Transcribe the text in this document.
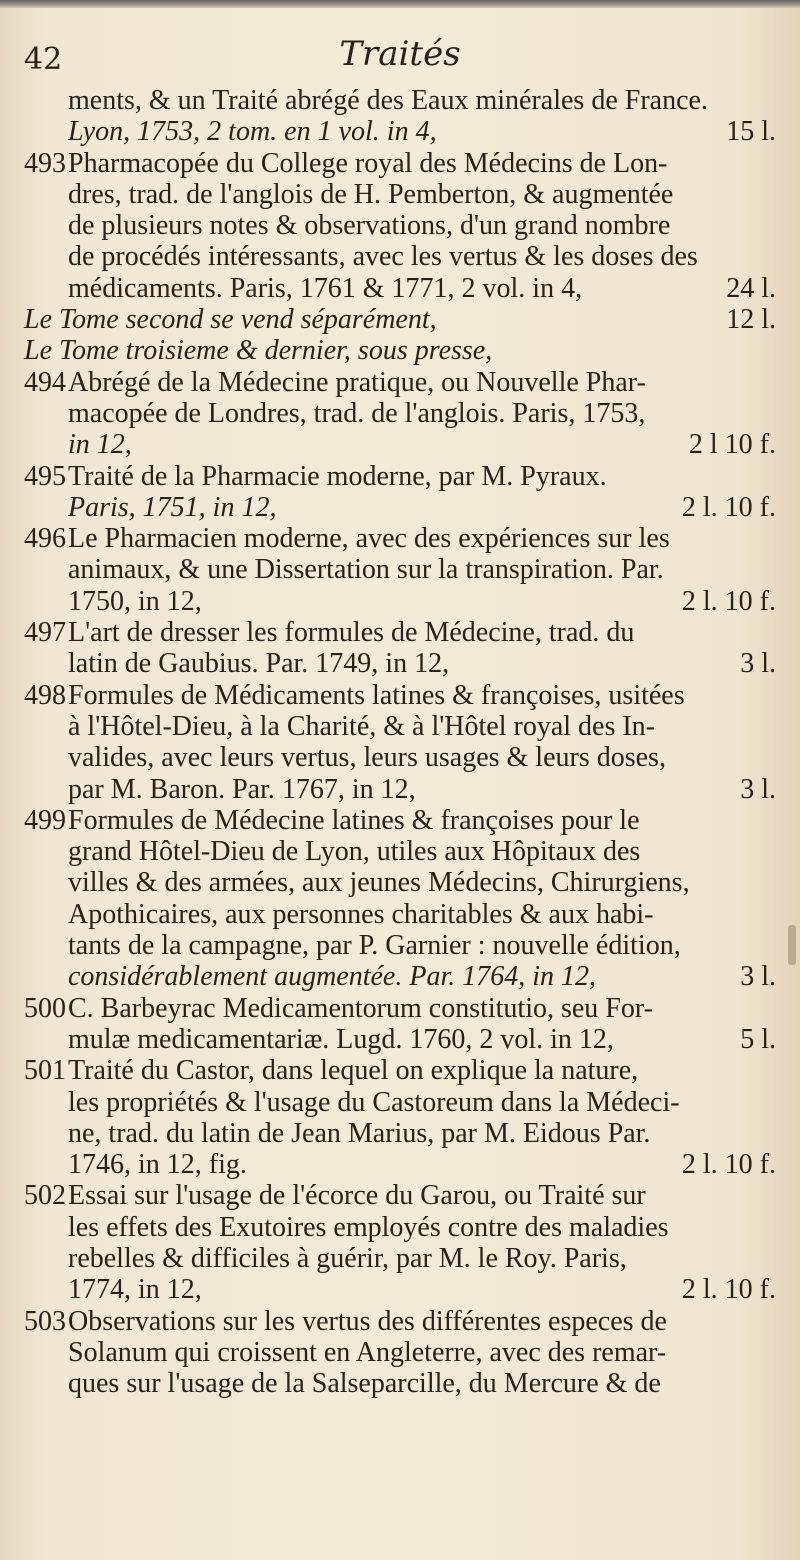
42	Traités
ments, & un Traité abrégé des Eaux minérales de France.
Lyon, 1753, 2 tom. en 1 vol. in 4,	15 l.
493Pharmacopée du College royal des Médecins de Lon-
dres, trad. de l'anglois de H. Pemberton, & augmentée
de plusieurs notes & observations, d'un grand nombre
de procédés intéressants, avec les vertus & les doses des
médicaments. Paris, 1761 & 1771, 2 vol. in 4,	24 l.
Le Tome second se vend séparément,	12 l.
Le Tome troisieme & dernier, sous presse,
494Abrégé de la Médecine pratique, ou Nouvelle Phar-
macopée de Londres, trad. de l'anglois. Paris, 1753,
in 12,	2 l 10 f.
495Traité de la Pharmacie moderne, par M. Pyraux.
Paris, 1751, in 12,	2 l. 10 f.
496Le Pharmacien moderne, avec des expériences sur les
animaux, & une Dissertation sur la transpiration. Par.
1750, in 12,	2 l. 10 f.
497L'art de dresser les formules de Médecine, trad. du
latin de Gaubius. Par. 1749, in 12,	3 l.
498Formules de Médicaments latines & françoises, usitées
à l'Hôtel-Dieu, à la Charité, & à l'Hôtel royal des In-
valides, avec leurs vertus, leurs usages & leurs doses,
par M. Baron. Par. 1767, in 12,	3 l.
499Formules de Médecine latines & françoises pour le
grand Hôtel-Dieu de Lyon, utiles aux Hôpitaux des
villes & des armées, aux jeunes Médecins, Chirurgiens,
Apothicaires, aux personnes charitables & aux habi-
tants de la campagne, par P. Garnier : nouvelle édition,
considérablement augmentée. Par. 1764, in 12,	3 l.
500C. Barbeyrac Medicamentorum constitutio, seu For-
mulæ medicamentariæ. Lugd. 1760, 2 vol. in 12,	5 l.
501Traité du Castor, dans lequel on explique la nature,
les propriétés & l'usage du Castoreum dans la Médeci-
ne, trad. du latin de Jean Marius, par M. Eidous Par.
1746, in 12, fig.	2 l. 10 f.
502Essai sur l'usage de l'écorce du Garou, ou Traité sur
les effets des Exutoires employés contre des maladies
rebelles & difficiles à guérir, par M. le Roy. Paris,
1774, in 12,	2 l. 10 f.
503Observations sur les vertus des différentes especes de
Solanum qui croissent en Angleterre, avec des remar-
ques sur l'usage de la Salseparcille, du Mercure & de
